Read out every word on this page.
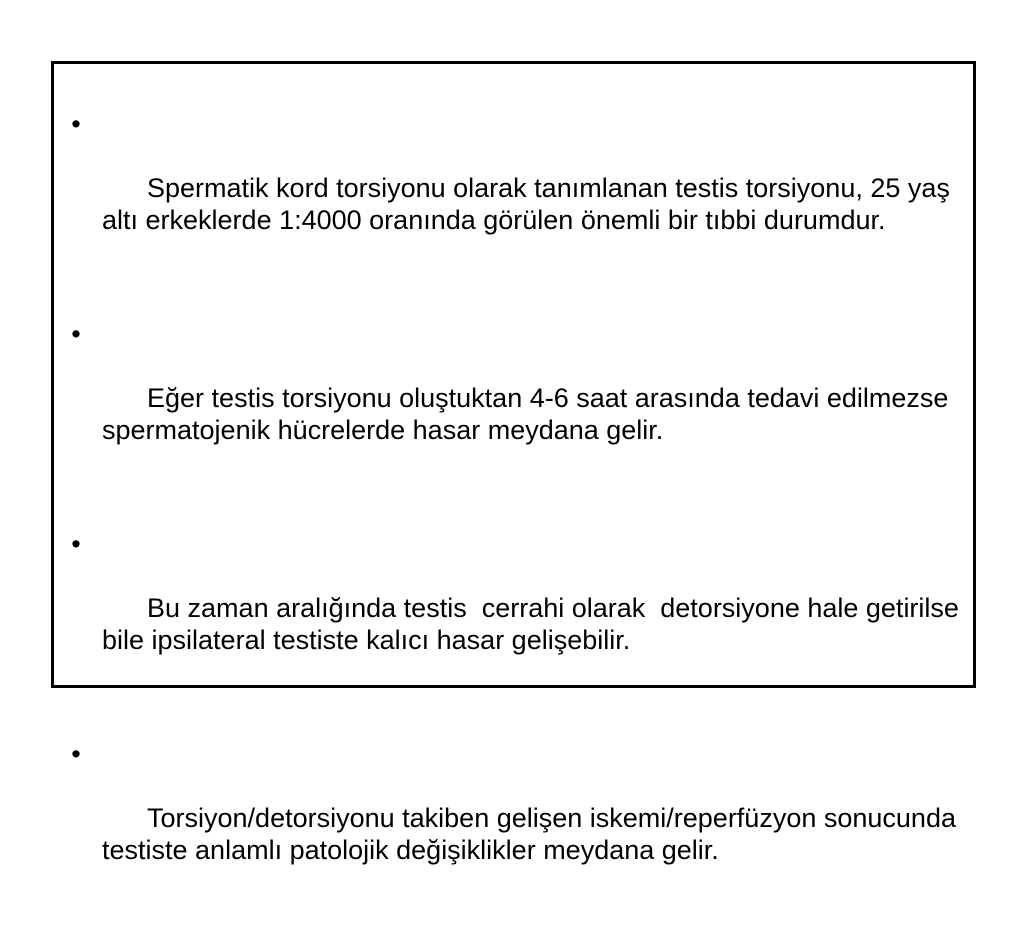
•

Spermatik kord torsiyonu olarak tanımlanan testis torsiyonu, 25 yaş altı erkeklerde 1:4000 oranında görülen önemli bir tıbbi durumdur.

•

Eğer testis torsiyonu oluştuktan 4-6 saat arasında tedavi edilmezse spermatojenik hücrelerde hasar meydana gelir.

•

Bu zaman aralığında testis  cerrahi olarak  detorsiyone hale getirilse bile ipsilateral testiste kalıcı hasar gelişebilir.

•

Torsiyon/detorsiyonu takiben gelişen iskemi/reperfüzyon sonucunda testiste anlamlı patolojik değişiklikler meydana gelir.
